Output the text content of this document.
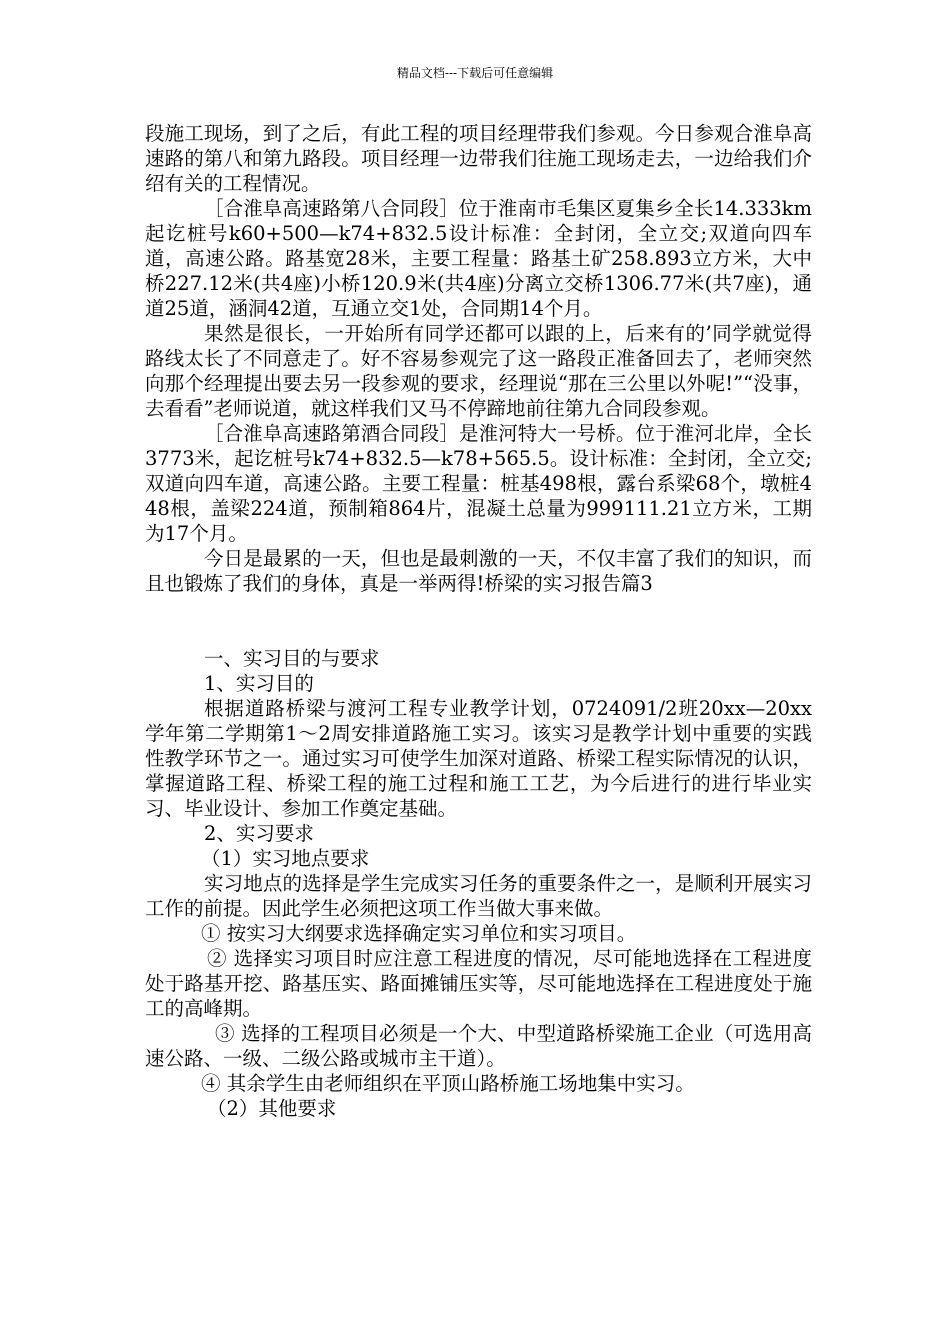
精品文档---下载后可任意编辑

段施工现场，到了之后，有此工程的项目经理带我们参观。今日参观合淮阜高速路的第八和第九路段。项目经理一边带我们往施工现场走去，一边给我们介绍有关的工程情况。

［合淮阜高速路第八合同段］位于淮南市毛集区夏集乡全长14.333km起讫桩号k60+500—k74+832.5设计标准：全封闭，全立交;双道向四车道，高速公路。路基宽28米，主要工程量：路基土矿258.893立方米，大中桥227.12米(共4座)小桥120.9米(共4座)分离立交桥1306.77米(共7座)，通道25道，涵洞42道，互通立交1处，合同期14个月。

果然是很长，一开始所有同学还都可以跟的上，后来有的’同学就觉得路线太长了不同意走了。好不容易参观完了这一路段正准备回去了，老师突然向那个经理提出要去另一段参观的要求，经理说“那在三公里以外呢!”“没事，去看看”老师说道，就这样我们又马不停蹄地前往第九合同段参观。

［合淮阜高速路第酒合同段］是淮河特大一号桥。位于淮河北岸，全长3773米，起讫桩号k74+832.5—k78+565.5。设计标准：全封闭，全立交;双道向四车道，高速公路。主要工程量：桩基498根，露台系梁68个，墩桩448根，盖梁224道，预制箱864片，混凝土总量为999111.21立方米，工期为17个月。

今日是最累的一天，但也是最刺激的一天，不仅丰富了我们的知识，而且也锻炼了我们的身体，真是一举两得!桥梁的实习报告篇3

一、实习目的与要求

1、实习目的

根据道路桥梁与渡河工程专业教学计划，0724091/2班20xx—20xx学年第二学期第1～2周安排道路施工实习。该实习是教学计划中重要的实践性教学环节之一。通过实习可使学生加深对道路、桥梁工程实际情况的认识，掌握道路工程、桥梁工程的施工过程和施工工艺，为今后进行的进行毕业实习、毕业设计、参加工作奠定基础。

2、实习要求

（1）实习地点要求

实习地点的选择是学生完成实习任务的重要条件之一，是顺利开展实习工作的前提。因此学生必须把这项工作当做大事来做。

① 按实习大纲要求选择确定实习单位和实习项目。

② 选择实习项目时应注意工程进度的情况，尽可能地选择在工程进度处于路基开挖、路基压实、路面摊铺压实等，尽可能地选择在工程进度处于施工的高峰期。

③ 选择的工程项目必须是一个大、中型道路桥梁施工企业（可选用高速公路、一级、二级公路或城市主干道）。

④ 其余学生由老师组织在平顶山路桥施工场地集中实习。

（2）其他要求
